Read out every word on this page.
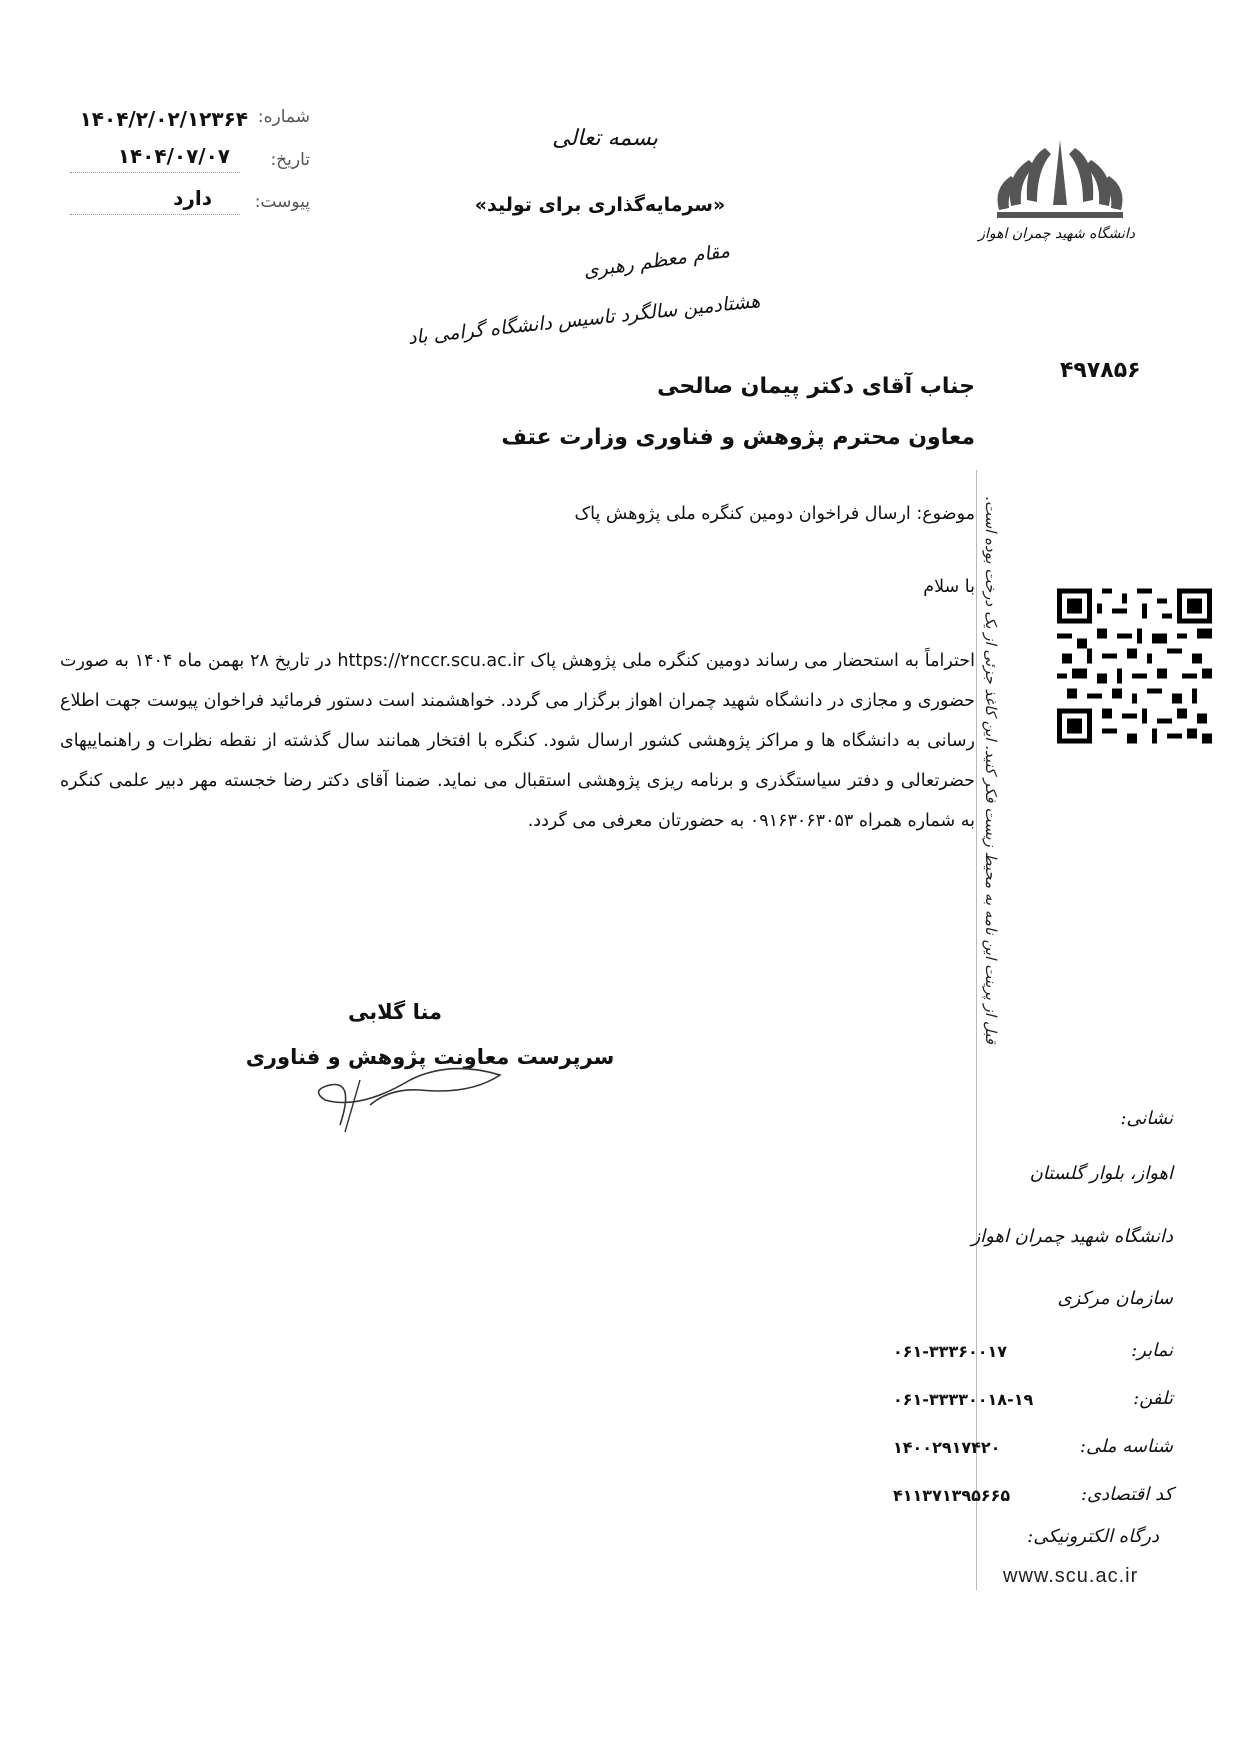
شماره:
۱۴۰۴/۲/۰۲/۱۲۳۶۴
تاریخ:
۱۴۰۴/۰۷/۰۷
پیوست:
دارد
بسمه تعالی
«سرمایه‌گذاری برای تولید»
مقام معظم رهبری
هشتادمین سالگرد تاسیس دانشگاه گرامی باد
دانشگاه شهید چمران اهواز
۴۹۷۸۵۶
قبل از پرینت این نامه به محیط زیست فکر کنید. این کاغذ جزئی از یک درخت بوده است.
جناب آقای دکتر پیمان صالحی
معاون محترم پژوهش و فناوری وزارت عتف
موضوع: ارسال فراخوان دومین کنگره ملی پژوهش پاک
با سلام

احتراماً به استحضار می رساند دومین کنگره ملی پژوهش پاک https://۲nccr.scu.ac.ir در تاریخ ۲۸ بهمن ماه ۱۴۰۴ به صورت حضوری و مجازی در دانشگاه شهید چمران اهواز برگزار می گردد. خواهشمند است دستور فرمائید فراخوان پیوست جهت اطلاع رسانی به دانشگاه ها و مراکز پژوهشی کشور ارسال شود. کنگره با افتخار همانند سال گذشته از نقطه نظرات و راهنماییهای حضرتعالی و دفتر سیاستگذری و برنامه ریزی پژوهشی استقبال می نماید. ضمنا آقای دکتر رضا خجسته مهر دبیر علمی کنگره به شماره همراه ۰۹۱۶۳۰۶۳۰۵۳ به حضورتان معرفی می گردد.

منا گلابی
سرپرست معاونت پژوهش و فناوری
نشانی:
اهواز، بلوار گلستان
دانشگاه شهید چمران اهواز
سازمان مرکزی
نمابر:
۰۶۱-۳۳۳۶۰۰۱۷
تلفن:
۰۶۱-۳۳۳۳۰۰۱۸-۱۹
شناسه ملی:
۱۴۰۰۲۹۱۷۴۲۰
کد اقتصادی:
۴۱۱۳۷۱۳۹۵۶۶۵
درگاه الکترونیکی:
www.scu.ac.ir
